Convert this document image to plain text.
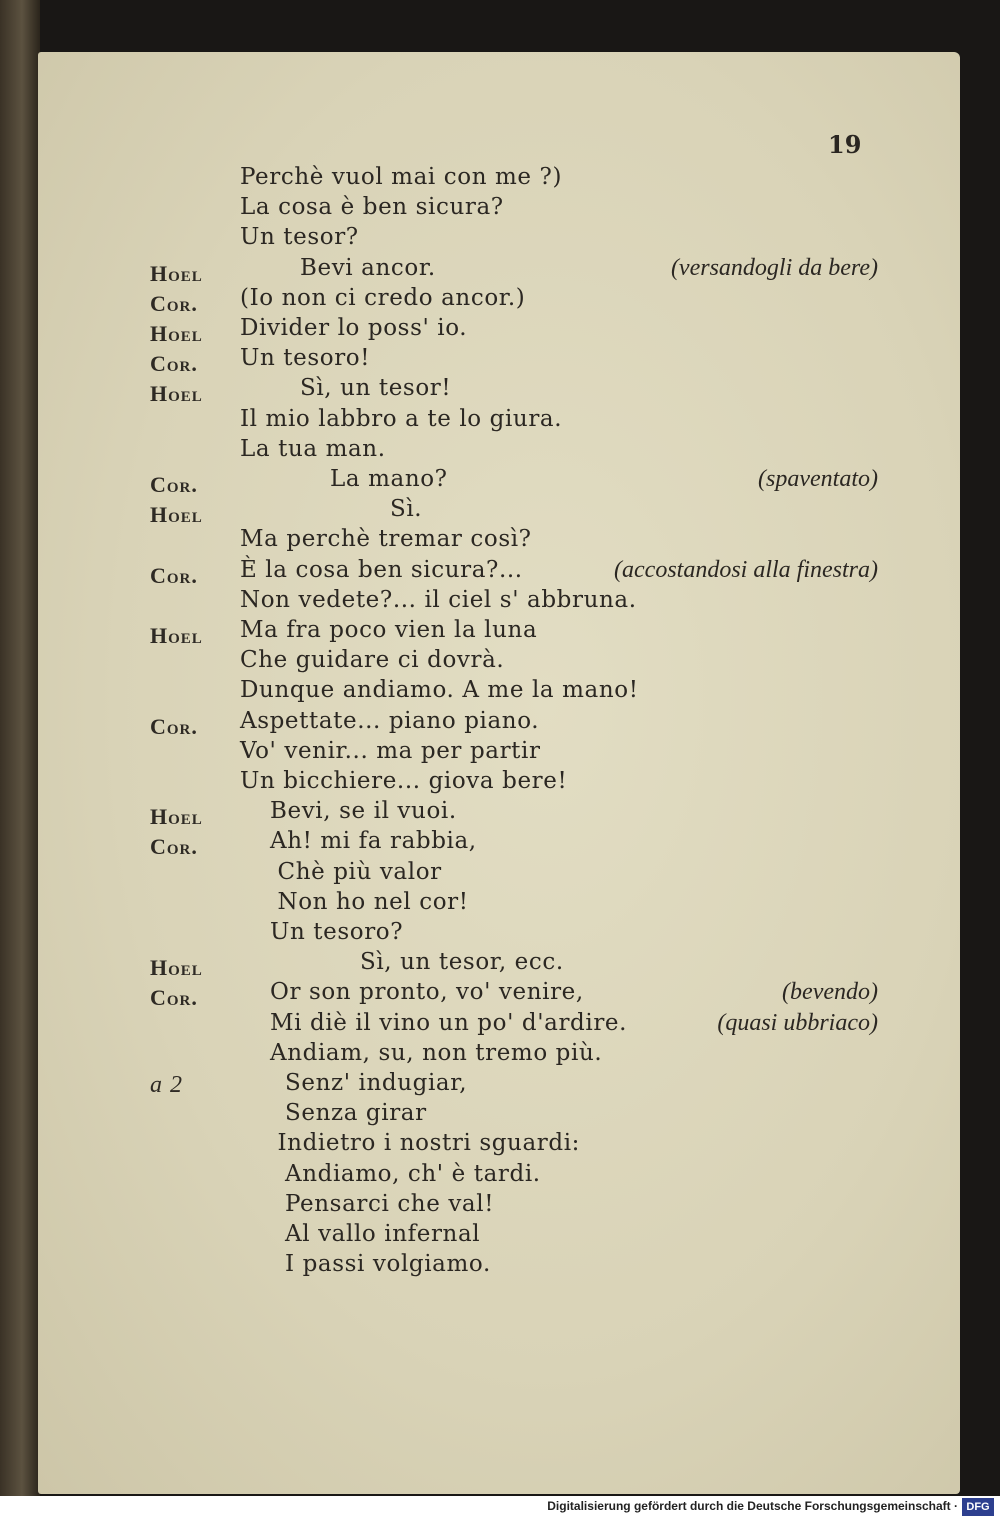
19
Perchè vuol mai con me ?)
La cosa è ben sicura?
Un tesor?
Hoel	Bevi ancor.	(versandogli da bere)
Cor. (Io non ci credo ancor.)
Hoel Divider lo poss' io.
Cor. Un tesoro!
Hoel	Sì, un tesor!
Il mio labbro a te lo giura.
La tua man.
Cor.	La mano?	(spaventato)
Hoel	Sì.
Ma perchè tremar così?
Cor. È la cosa ben sicura?...	(accostandosi alla finestra)
Non vedete?... il ciel s' abbruna.
Hoel Ma fra poco vien la luna
Che guidare ci dovrà.
Dunque andiamo. A me la mano!
Cor. Aspettate... piano piano.
Vo' venir... ma per partir
Un bicchiere... giova bere!
Hoel	Bevi, se il vuoi.
Cor.	Ah! mi fa rabbia,
Chè più valor
Non ho nel cor!
Un tesoro?
Hoel	Sì, un tesor, ecc.
Cor.	Or son pronto, vo' venire,	(bevendo)
Mi diè il vino un po' d'ardire.	(quasi ubbriaco)
Andiam, su, non tremo più.
a 2	Senz' indugiar,
Senza girar
Indietro i nostri sguardi:
Andiamo, ch' è tardi.
Pensarci che val!
Al vallo infernal
I passi volgiamo.
Digitalisierung gefördert durch die Deutsche Forschungsgemeinschaft · DFG
